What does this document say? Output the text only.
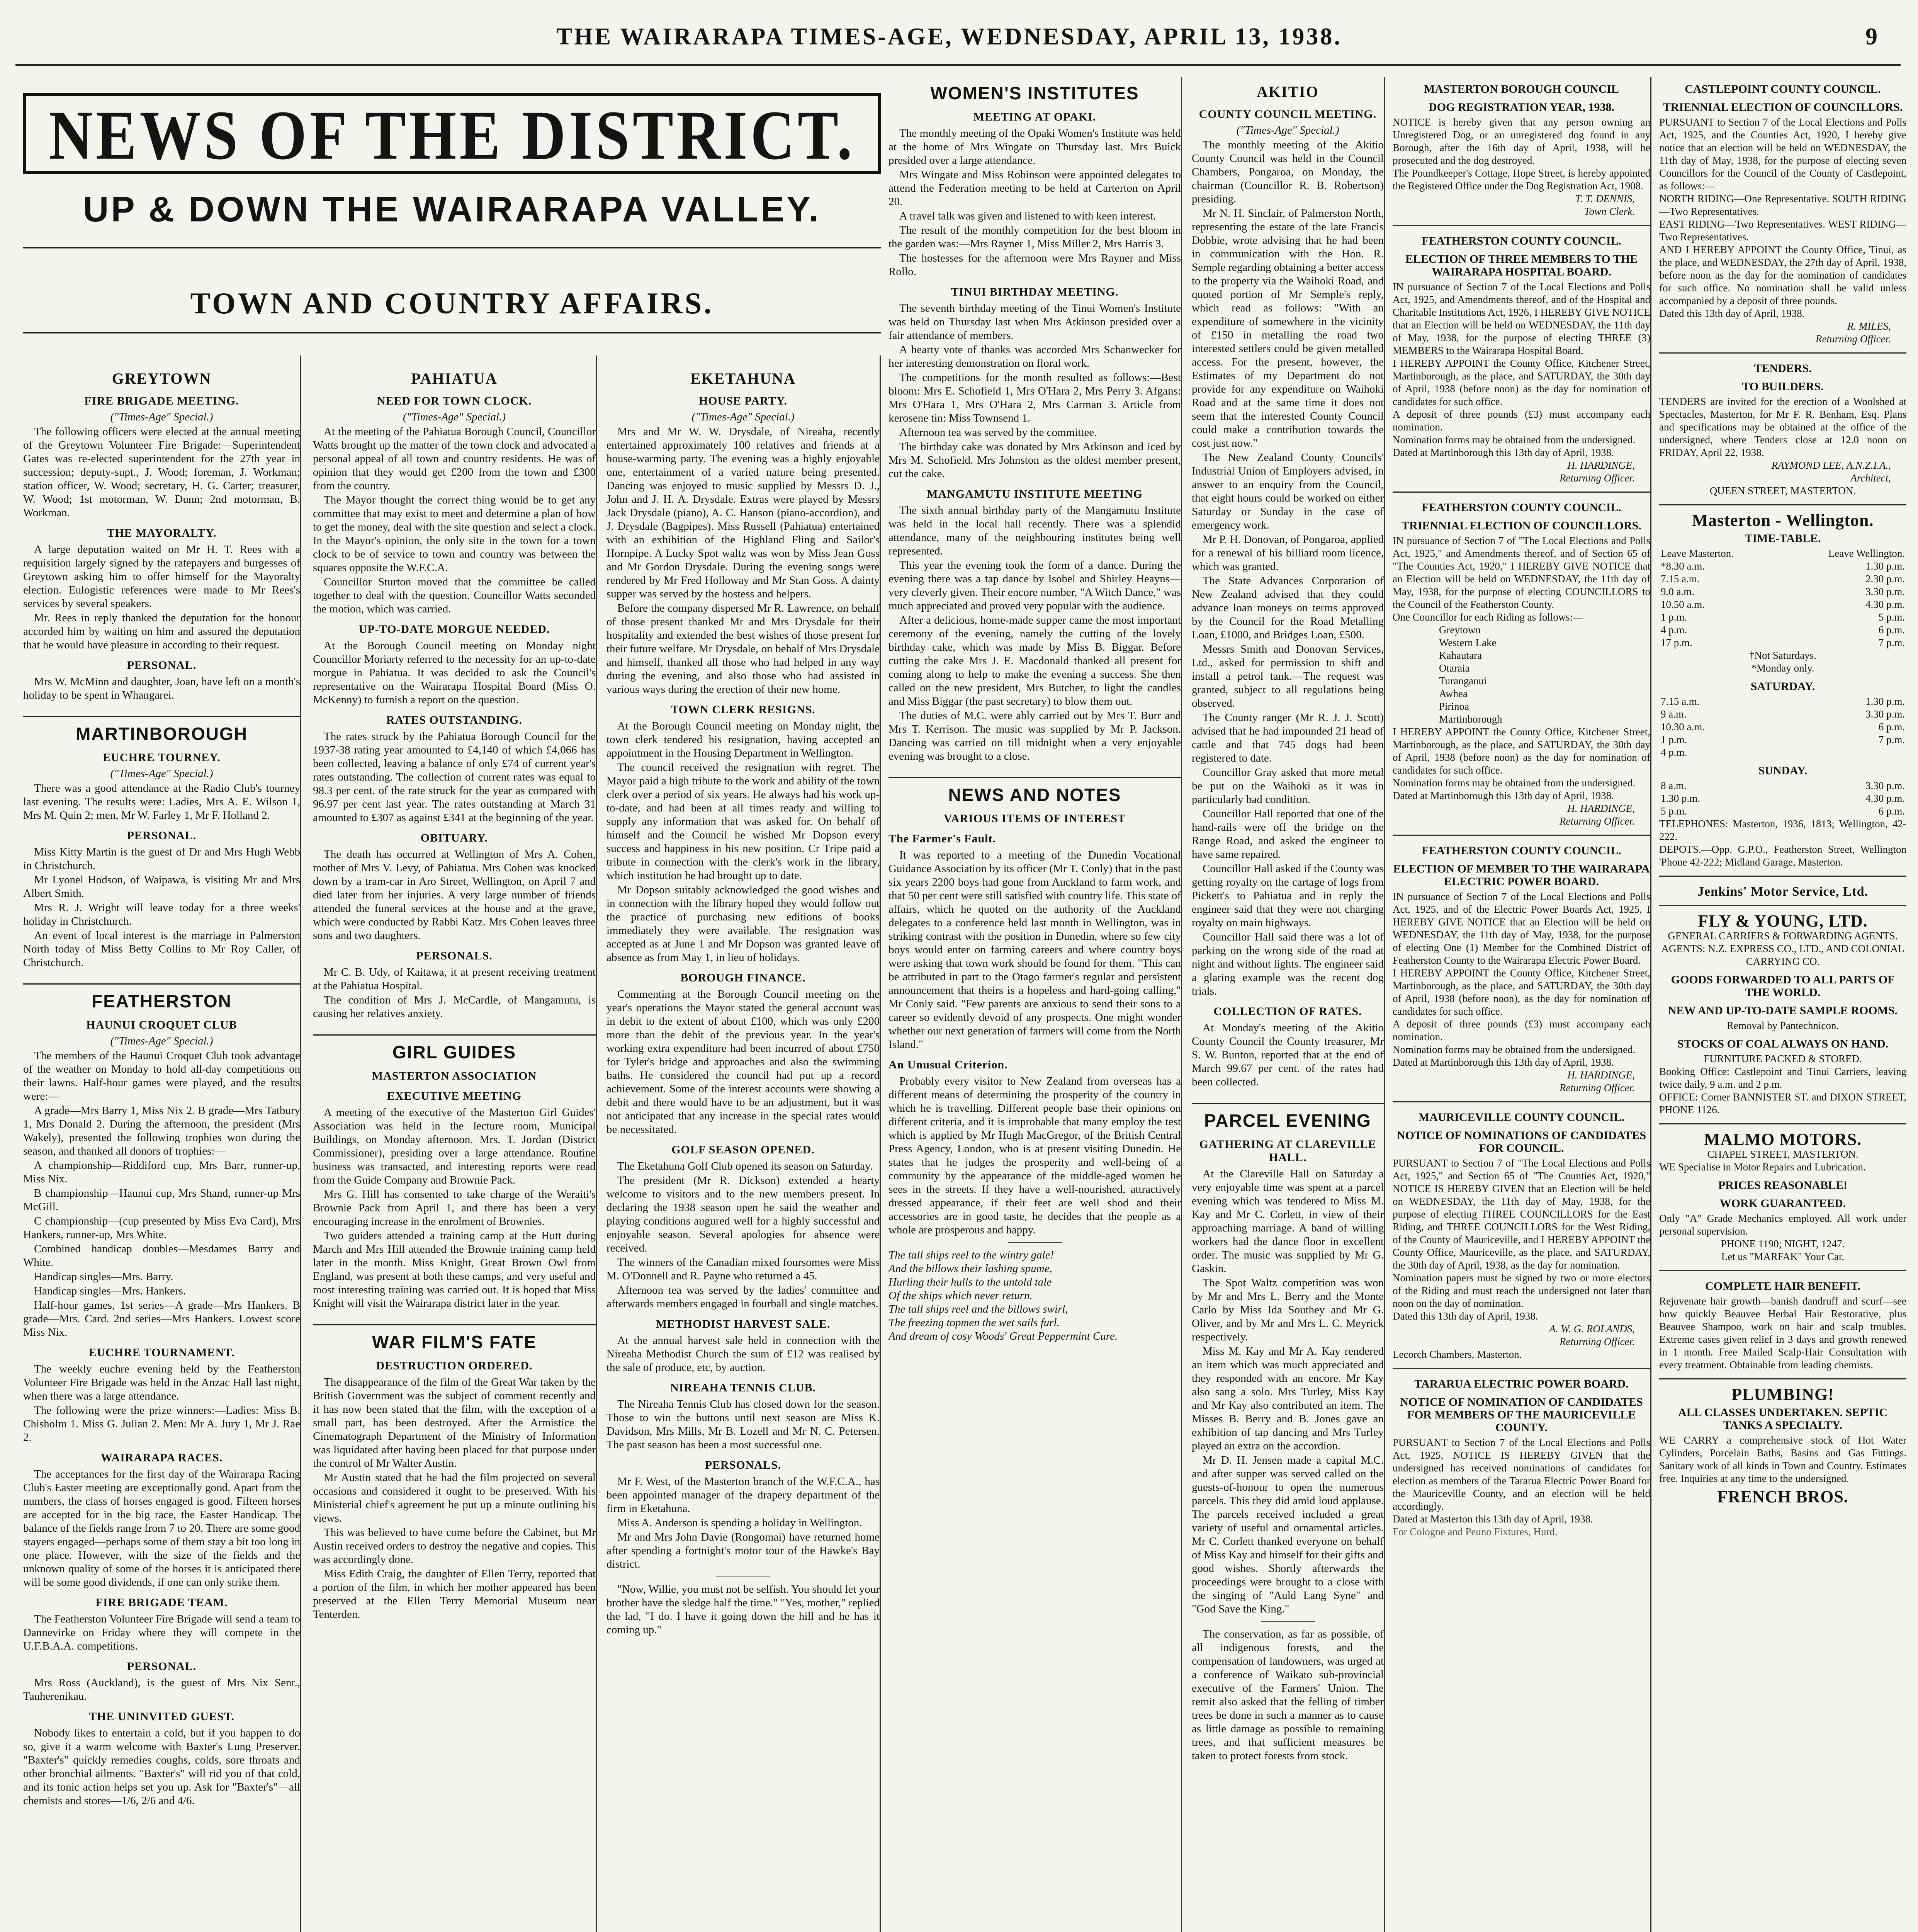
THE WAIRARAPA TIMES-AGE, WEDNESDAY, APRIL 13, 1938.	9
NEWS OF THE DISTRICT.
UP & DOWN THE WAIRARAPA VALLEY.
TOWN AND COUNTRY AFFAIRS.
GREYTOWN
FIRE BRIGADE MEETING.
("Times-Age" Special.)

The following officers were elected at the annual meeting of the Greytown Volunteer Fire Brigade:—Superintendent Gates was re-elected superintendent for the 27th year in succession; deputy-supt., J. Wood; foreman, J. Workman; station officer, W. Wood; secretary, H. G. Carter; treasurer, W. Wood; 1st motorman, W. Dunn; 2nd motorman, B. Workman.

THE MAYORALTY.

A large deputation waited on Mr H. T. Rees with a requisition largely signed by the ratepayers and burgesses of Greytown asking him to offer himself for the Mayoralty election. Eulogistic references were made to Mr Rees's services by several speakers.

Mr. Rees in reply thanked the deputation for the honour accorded him by waiting on him and assured the deputation that he would have pleasure in according to their request.

PERSONAL.

Mrs W. McMinn and daughter, Joan, have left on a month's holiday to be spent in Whangarei.

MARTINBOROUGH
EUCHRE TOURNEY.
("Times-Age" Special.)

There was a good attendance at the Radio Club's tourney last evening. The results were: Ladies, Mrs A. E. Wilson 1, Mrs M. Quin 2; men, Mr W. Farley 1, Mr F. Holland 2.

PERSONAL.

Miss Kitty Martin is the guest of Dr and Mrs Hugh Webb in Christchurch.

Mr Lyonel Hodson, of Waipawa, is visiting Mr and Mrs Albert Smith.

Mrs R. J. Wright will leave today for a three weeks' holiday in Christchurch.

An event of local interest is the marriage in Palmerston North today of Miss Betty Collins to Mr Roy Caller, of Christchurch.

FEATHERSTON
HAUNUI CROQUET CLUB
("Times-Age" Special.)

The members of the Haunui Croquet Club took advantage of the weather on Monday to hold all-day competitions on their lawns. Half-hour games were played, and the results were:—

A grade—Mrs Barry 1, Miss Nix 2. B grade—Mrs Tatbury 1, Mrs Donald 2. During the afternoon, the president (Mrs Wakely), presented the following trophies won during the season, and thanked all donors of trophies:—

A championship—Riddiford cup, Mrs Barr, runner-up, Miss Nix.

B championship—Haunui cup, Mrs Shand, runner-up Mrs McGill.

C championship—(cup presented by Miss Eva Card), Mrs Hankers, runner-up, Mrs White.

Combined handicap doubles—Mesdames Barry and White.

Handicap singles—Mrs. Barry.

Handicap singles—Mrs. Hankers.

Half-hour games, 1st series—A grade—Mrs Hankers. B grade—Mrs. Card. 2nd series—Mrs Hankers. Lowest score Miss Nix.

EUCHRE TOURNAMENT.

The weekly euchre evening held by the Featherston Volunteer Fire Brigade was held in the Anzac Hall last night, when there was a large attendance.

The following were the prize winners:—Ladies: Miss B. Chisholm 1. Miss G. Julian 2. Men: Mr A. Jury 1, Mr J. Rae 2.

WAIRARAPA RACES.

The acceptances for the first day of the Wairarapa Racing Club's Easter meeting are exceptionally good. Apart from the numbers, the class of horses engaged is good. Fifteen horses are accepted for in the big race, the Easter Handicap. The balance of the fields range from 7 to 20. There are some good stayers engaged—perhaps some of them stay a bit too long in one place. However, with the size of the fields and the unknown quality of some of the horses it is anticipated there will be some good dividends, if one can only strike them.

FIRE BRIGADE TEAM.

The Featherston Volunteer Fire Brigade will send a team to Dannevirke on Friday where they will compete in the U.F.B.A.A. competitions.

PERSONAL.

Mrs Ross (Auckland), is the guest of Mrs Nix Senr., Tauherenikau.

THE UNINVITED GUEST.

Nobody likes to entertain a cold, but if you happen to do so, give it a warm welcome with Baxter's Lung Preserver. "Baxter's" quickly remedies coughs, colds, sore throats and other bronchial ailments. "Baxter's" will rid you of that cold, and its tonic action helps set you up. Ask for "Baxter's"—all chemists and stores—1/6, 2/6 and 4/6.

PAHIATUA
NEED FOR TOWN CLOCK.
("Times-Age" Special.)

At the meeting of the Pahiatua Borough Council, Councillor Watts brought up the matter of the town clock and advocated a personal appeal of all town and country residents. He was of opinion that they would get £200 from the town and £300 from the country.

The Mayor thought the correct thing would be to get any committee that may exist to meet and determine a plan of how to get the money, deal with the site question and select a clock. In the Mayor's opinion, the only site in the town for a town clock to be of service to town and country was between the squares opposite the W.F.C.A.

Councillor Sturton moved that the committee be called together to deal with the question. Councillor Watts seconded the motion, which was carried.

UP-TO-DATE MORGUE NEEDED.

At the Borough Council meeting on Monday night Councillor Moriarty referred to the necessity for an up-to-date morgue in Pahiatua. It was decided to ask the Council's representative on the Wairarapa Hospital Board (Miss O. McKenny) to furnish a report on the question.

RATES OUTSTANDING.

The rates struck by the Pahiatua Borough Council for the 1937-38 rating year amounted to £4,140 of which £4,066 has been collected, leaving a balance of only £74 of current year's rates outstanding. The collection of current rates was equal to 98.3 per cent. of the rate struck for the year as compared with 96.97 per cent last year. The rates outstanding at March 31 amounted to £307 as against £341 at the beginning of the year.

OBITUARY.

The death has occurred at Wellington of Mrs A. Cohen, mother of Mrs V. Levy, of Pahiatua. Mrs Cohen was knocked down by a tram-car in Aro Street, Wellington, on April 7 and died later from her injuries. A very large number of friends attended the funeral services at the house and at the grave, which were conducted by Rabbi Katz. Mrs Cohen leaves three sons and two daughters.

PERSONALS.

Mr C. B. Udy, of Kaitawa, it at present receiving treatment at the Pahiatua Hospital.

The condition of Mrs J. McCardle, of Mangamutu, is causing her relatives anxiety.

GIRL GUIDES
MASTERTON ASSOCIATION
EXECUTIVE MEETING

A meeting of the executive of the Masterton Girl Guides' Association was held in the lecture room, Municipal Buildings, on Monday afternoon. Mrs. T. Jordan (District Commissioner), presiding over a large attendance. Routine business was transacted, and interesting reports were read from the Guide Company and Brownie Pack.

Mrs G. Hill has consented to take charge of the Weraiti's Brownie Pack from April 1, and there has been a very encouraging increase in the enrolment of Brownies.

Two guiders attended a training camp at the Hutt during March and Mrs Hill attended the Brownie training camp held later in the month. Miss Knight, Great Brown Owl from England, was present at both these camps, and very useful and most interesting training was carried out. It is hoped that Miss Knight will visit the Wairarapa district later in the year.

WAR FILM'S FATE
DESTRUCTION ORDERED.

The disappearance of the film of the Great War taken by the British Government was the subject of comment recently and it has now been stated that the film, with the exception of a small part, has been destroyed. After the Armistice the Cinematograph Department of the Ministry of Information was liquidated after having been placed for that purpose under the control of Mr Walter Austin.

Mr Austin stated that he had the film projected on several occasions and considered it ought to be preserved. With his Ministerial chief's agreement he put up a minute outlining his views.

This was believed to have come before the Cabinet, but Mr Austin received orders to destroy the negative and copies. This was accordingly done.

Miss Edith Craig, the daughter of Ellen Terry, reported that a portion of the film, in which her mother appeared has been preserved at the Ellen Terry Memorial Museum near Tenterden.

EKETAHUNA
HOUSE PARTY.
("Times-Age" Special.)

Mrs and Mr W. W. Drysdale, of Nireaha, recently entertained approximately 100 relatives and friends at a house-warming party. The evening was a highly enjoyable one, entertainment of a varied nature being presented. Dancing was enjoyed to music supplied by Messrs D. J., John and J. H. A. Drysdale. Extras were played by Messrs Jack Drysdale (piano), A. C. Hanson (piano-accordion), and J. Drysdale (Bagpipes). Miss Russell (Pahiatua) entertained with an exhibition of the Highland Fling and Sailor's Hornpipe. A Lucky Spot waltz was won by Miss Jean Goss and Mr Gordon Drysdale. During the evening songs were rendered by Mr Fred Holloway and Mr Stan Goss. A dainty supper was served by the hostess and helpers.

Before the company dispersed Mr R. Lawrence, on behalf of those present thanked Mr and Mrs Drysdale for their hospitality and extended the best wishes of those present for their future welfare. Mr Drysdale, on behalf of Mrs Drysdale and himself, thanked all those who had helped in any way during the evening, and also those who had assisted in various ways during the erection of their new home.

TOWN CLERK RESIGNS.

At the Borough Council meeting on Monday night, the town clerk tendered his resignation, having accepted an appointment in the Housing Department in Wellington.

The council received the resignation with regret. The Mayor paid a high tribute to the work and ability of the town clerk over a period of six years. He always had his work up-to-date, and had been at all times ready and willing to supply any information that was asked for. On behalf of himself and the Council he wished Mr Dopson every success and happiness in his new position. Cr Tripe paid a tribute in connection with the clerk's work in the library, which institution he had brought up to date.

Mr Dopson suitably acknowledged the good wishes and in connection with the library hoped they would follow out the practice of purchasing new editions of books immediately they were available. The resignation was accepted as at June 1 and Mr Dopson was granted leave of absence as from May 1, in lieu of holidays.

BOROUGH FINANCE.

Commenting at the Borough Council meeting on the year's operations the Mayor stated the general account was in debit to the extent of about £100, which was only £200 more than the debit of the previous year. In the year's working extra expenditure had been incurred of about £750 for Tyler's bridge and approaches and also the swimming baths. He considered the council had put up a record achievement. Some of the interest accounts were showing a debit and there would have to be an adjustment, but it was not anticipated that any increase in the special rates would be necessitated.

GOLF SEASON OPENED.

The Eketahuna Golf Club opened its season on Saturday.

The president (Mr R. Dickson) extended a hearty welcome to visitors and to the new members present. In declaring the 1938 season open he said the weather and playing conditions augured well for a highly successful and enjoyable season. Several apologies for absence were received.

The winners of the Canadian mixed foursomes were Miss M. O'Donnell and R. Payne who returned a 45.

Afternoon tea was served by the ladies' committee and afterwards members engaged in fourball and single matches.

METHODIST HARVEST SALE.

At the annual harvest sale held in connection with the Nireaha Methodist Church the sum of £12 was realised by the sale of produce, etc, by auction.

NIREAHA TENNIS CLUB.

The Nireaha Tennis Club has closed down for the season. Those to win the buttons until next season are Miss K. Davidson, Mrs Mills, Mr B. Lozell and Mr N. C. Petersen. The past season has been a most successful one.

PERSONALS.

Mr F. West, of the Masterton branch of the W.F.C.A., has been appointed manager of the drapery department of the firm in Eketahuna.

Miss A. Anderson is spending a holiday in Wellington.

Mr and Mrs John Davie (Rongomai) have returned home after spending a fortnight's motor tour of the Hawke's Bay district.

"Now, Willie, you must not be selfish. You should let your brother have the sledge half the time." "Yes, mother," replied the lad, "I do. I have it going down the hill and he has it coming up."

WOMEN'S INSTITUTES
MEETING AT OPAKI.

The monthly meeting of the Opaki Women's Institute was held at the home of Mrs Wingate on Thursday last. Mrs Buick presided over a large attendance.

Mrs Wingate and Miss Robinson were appointed delegates to attend the Federation meeting to be held at Carterton on April 20.

A travel talk was given and listened to with keen interest.

The result of the monthly competition for the best bloom in the garden was:—Mrs Rayner 1, Miss Miller 2, Mrs Harris 3.

The hostesses for the afternoon were Mrs Rayner and Miss Rollo.

TINUI BIRTHDAY MEETING.

The seventh birthday meeting of the Tinui Women's Institute was held on Thursday last when Mrs Atkinson presided over a fair attendance of members.

A hearty vote of thanks was accorded Mrs Schanwecker for her interesting demonstration on floral work.

The competitions for the month resulted as follows:—Best bloom: Mrs E. Schofield 1, Mrs O'Hara 2, Mrs Perry 3. Afgans: Mrs O'Hara 1, Mrs O'Hara 2, Mrs Carman 3. Article from kerosene tin: Miss Townsend 1.

Afternoon tea was served by the committee.

The birthday cake was donated by Mrs Atkinson and iced by Mrs M. Schofield. Mrs Johnston as the oldest member present, cut the cake.

MANGAMUTU INSTITUTE MEETING

The sixth annual birthday party of the Mangamutu Institute was held in the local hall recently. There was a splendid attendance, many of the neighbouring institutes being well represented.

This year the evening took the form of a dance. During the evening there was a tap dance by Isobel and Shirley Heayns—very cleverly given. Their encore number, "A Witch Dance," was much appreciated and proved very popular with the audience.

After a delicious, home-made supper came the most important ceremony of the evening, namely the cutting of the lovely birthday cake, which was made by Miss B. Biggar. Before cutting the cake Mrs J. E. Macdonald thanked all present for coming along to help to make the evening a success. She then called on the new president, Mrs Butcher, to light the candles and Miss Biggar (the past secretary) to blow them out.

The duties of M.C. were ably carried out by Mrs T. Burr and Mrs T. Kerrison. The music was supplied by Mr P. Jackson. Dancing was carried on till midnight when a very enjoyable evening was brought to a close.

NEWS AND NOTES
VARIOUS ITEMS OF INTEREST
The Farmer's Fault.

It was reported to a meeting of the Dunedin Vocational Guidance Association by its officer (Mr T. Conly) that in the past six years 2200 boys had gone from Auckland to farm work, and that 50 per cent were still satisfied with country life. This state of affairs, which he quoted on the authority of the Auckland delegates to a conference held last month in Wellington, was in striking contrast with the position in Dunedin, where so few city boys would enter on farming careers and where country boys were asking that town work should be found for them. "This can be attributed in part to the Otago farmer's regular and persistent announcement that theirs is a hopeless and hard-going calling," Mr Conly said. "Few parents are anxious to send their sons to a career so evidently devoid of any prospects. One might wonder whether our next generation of farmers will come from the North Island."

An Unusual Criterion.

Probably every visitor to New Zealand from overseas has a different means of determining the prosperity of the country in which he is travelling. Different people base their opinions on different criteria, and it is improbable that many employ the test which is applied by Mr Hugh MacGregor, of the British Central Press Agency, London, who is at present visiting Dunedin. He states that he judges the prosperity and well-being of a community by the appearance of the middle-aged women he sees in the streets. If they have a well-nourished, attractively dressed appearance, if their feet are well shod and their accessories are in good taste, he decides that the people as a whole are prosperous and happy.

The tall ships reel to the wintry gale!
And the billows their lashing spume,
Hurling their hulls to the untold tale
Of the ships which never return.
The tall ships reel and the billows swirl,
The freezing topmen the wet sails furl.
And dream of cosy Woods' Great Peppermint Cure.
AKITIO
COUNTY COUNCIL MEETING.
("Times-Age" Special.)

The monthly meeting of the Akitio County Council was held in the Council Chambers, Pongaroa, on Monday, the chairman (Councillor R. B. Robertson) presiding.

Mr N. H. Sinclair, of Palmerston North, representing the estate of the late Francis Dobbie, wrote advising that he had been in communication with the Hon. R. Semple regarding obtaining a better access to the property via the Waihoki Road, and quoted portion of Mr Semple's reply, which read as follows: "With an expenditure of somewhere in the vicinity of £150 in metalling the road two interested settlers could be given metalled access. For the present, however, the Estimates of my Department do not provide for any expenditure on Waihoki Road and at the same time it does not seem that the interested County Council could make a contribution towards the cost just now."

The New Zealand County Councils' Industrial Union of Employers advised, in answer to an enquiry from the Council, that eight hours could be worked on either Saturday or Sunday in the case of emergency work.

Mr P. H. Donovan, of Pongaroa, applied for a renewal of his billiard room licence, which was granted.

The State Advances Corporation of New Zealand advised that they could advance loan moneys on terms approved by the Council for the Road Metalling Loan, £1000, and Bridges Loan, £500.

Messrs Smith and Donovan Services, Ltd., asked for permission to shift and install a petrol tank.—The request was granted, subject to all regulations being observed.

The County ranger (Mr R. J. J. Scott) advised that he had impounded 21 head of cattle and that 745 dogs had been registered to date.

Councillor Gray asked that more metal be put on the Waihoki as it was in particularly bad condition.

Councillor Hall reported that one of the hand-rails were off the bridge on the Range Road, and asked the engineer to have same repaired.

Councillor Hall asked if the County was getting royalty on the cartage of logs from Pickett's to Pahiatua and in reply the engineer said that they were not charging royalty on main highways.

Councillor Hall said there was a lot of parking on the wrong side of the road at night and without lights. The engineer said a glaring example was the recent dog trials.

COLLECTION OF RATES.

At Monday's meeting of the Akitio County Council the County treasurer, Mr S. W. Bunton, reported that at the end of March 99.67 per cent. of the rates had been collected.

PARCEL EVENING
GATHERING AT CLAREVILLE HALL.

At the Clareville Hall on Saturday a very enjoyable time was spent at a parcel evening which was tendered to Miss M. Kay and Mr C. Corlett, in view of their approaching marriage. A band of willing workers had the dance floor in excellent order. The music was supplied by Mr G. Gaskin.

The Spot Waltz competition was won by Mr and Mrs L. Berry and the Monte Carlo by Miss Ida Southey and Mr G. Oliver, and by Mr and Mrs L. C. Meyrick respectively.

Miss M. Kay and Mr A. Kay rendered an item which was much appreciated and they responded with an encore. Mr Kay also sang a solo. Mrs Turley, Miss Kay and Mr Kay also contributed an item. The Misses B. Berry and B. Jones gave an exhibition of tap dancing and Mrs Turley played an extra on the accordion.

Mr D. H. Jensen made a capital M.C. and after supper was served called on the guests-of-honour to open the numerous parcels. This they did amid loud applause. The parcels received included a great variety of useful and ornamental articles. Mr C. Corlett thanked everyone on behalf of Miss Kay and himself for their gifts and good wishes. Shortly afterwards the proceedings were brought to a close with the singing of "Auld Lang Syne" and "God Save the King."

The conservation, as far as possible, of all indigenous forests, and the compensation of landowners, was urged at a conference of Waikato sub-provincial executive of the Farmers' Union. The remit also asked that the felling of timber trees be done in such a manner as to cause as little damage as possible to remaining trees, and that sufficient measures be taken to protect forests from stock.

MASTERTON BOROUGH COUNCIL
DOG REGISTRATION YEAR, 1938.

NOTICE is hereby given that any person owning an Unregistered Dog, or an unregistered dog found in any Borough, after the 16th day of April, 1938, will be prosecuted and the dog destroyed.

The Poundkeeper's Cottage, Hope Street, is hereby appointed the Registered Office under the Dog Registration Act, 1908.

T. T. DENNIS,
Town Clerk.
FEATHERSTON COUNTY COUNCIL.
ELECTION OF THREE MEMBERS TO THE WAIRARAPA HOSPITAL BOARD.

IN pursuance of Section 7 of the Local Elections and Polls Act, 1925, and Amendments thereof, and of the Hospital and Charitable Institutions Act, 1926, I HEREBY GIVE NOTICE that an Election will be held on WEDNESDAY, the 11th day of May, 1938, for the purpose of electing THREE (3) MEMBERS to the Wairarapa Hospital Board.

I HEREBY APPOINT the County Office, Kitchener Street, Martinborough, as the place, and SATURDAY, the 30th day of April, 1938 (before noon) as the day for nomination of candidates for such office.

A deposit of three pounds (£3) must accompany each nomination.

Nomination forms may be obtained from the undersigned.

Dated at Martinborough this 13th day of April, 1938.

H. HARDINGE,
Returning Officer.
FEATHERSTON COUNTY COUNCIL.
TRIENNIAL ELECTION OF COUNCILLORS.

IN pursuance of Section 7 of "The Local Elections and Polls Act, 1925," and Amendments thereof, and of Section 65 of "The Counties Act, 1920," I HEREBY GIVE NOTICE that an Election will be held on WEDNESDAY, the 11th day of May, 1938, for the purpose of electing COUNCILLORS to the Council of the Featherston County.

One Councillor for each Riding as follows:—

Greytown
Western Lake
Kahautara
Otaraia
Turanganui
Awhea
Pirinoa
Martinborough

I HEREBY APPOINT the County Office, Kitchener Street, Martinborough, as the place, and SATURDAY, the 30th day of April, 1938 (before noon) as the day for nomination of candidates for such office.

Nomination forms may be obtained from the undersigned.

Dated at Martinborough this 13th day of April, 1938.

H. HARDINGE,
Returning Officer.
FEATHERSTON COUNTY COUNCIL.
ELECTION OF MEMBER TO THE WAIRARAPA ELECTRIC POWER BOARD.

IN pursuance of Section 7 of the Local Elections and Polls Act, 1925, and of the Electric Power Boards Act, 1925, I HEREBY GIVE NOTICE that an Election will be held on WEDNESDAY, the 11th day of May, 1938, for the purpose of electing One (1) Member for the Combined District of Featherston County to the Wairarapa Electric Power Board.

I HEREBY APPOINT the County Office, Kitchener Street, Martinborough, as the place, and SATURDAY, the 30th day of April, 1938 (before noon), as the day for nomination of candidates for such office.

A deposit of three pounds (£3) must accompany each nomination.

Nomination forms may be obtained from the undersigned.

Dated at Martinborough this 13th day of April, 1938.

H. HARDINGE,
Returning Officer.
MAURICEVILLE COUNTY COUNCIL.
NOTICE OF NOMINATIONS OF CANDIDATES FOR COUNCIL.

PURSUANT to Section 7 of "The Local Elections and Polls Act, 1925," and Section 65 of "The Counties Act, 1920," NOTICE IS HEREBY GIVEN that an Election will be held on WEDNESDAY, the 11th day of May, 1938, for the purpose of electing THREE COUNCILLORS for the East Riding, and THREE COUNCILLORS for the West Riding, of the County of Mauriceville, and I HEREBY APPOINT the County Office, Mauriceville, as the place, and SATURDAY, the 30th day of April, 1938, as the day for nomination.

Nomination papers must be signed by two or more electors of the Riding and must reach the undersigned not later than noon on the day of nomination.

Dated this 13th day of April, 1938.

A. W. G. ROLANDS,
Returning Officer.

Lecorch Chambers, Masterton.

TARARUA ELECTRIC POWER BOARD.
NOTICE OF NOMINATION OF CANDIDATES FOR MEMBERS OF THE MAURICEVILLE COUNTY.

PURSUANT to Section 7 of the Local Elections and Polls Act, 1925, NOTICE IS HEREBY GIVEN that the undersigned has received nominations of candidates for election as members of the Tararua Electric Power Board for the Mauriceville County, and an election will be held accordingly.

Dated at Masterton this 13th day of April, 1938.

For Cologne and Peuno Fixtures, Hurd.

CASTLEPOINT COUNTY COUNCIL.
TRIENNIAL ELECTION OF COUNCILLORS.

PURSUANT to Section 7 of the Local Elections and Polls Act, 1925, and the Counties Act, 1920, I hereby give notice that an election will be held on WEDNESDAY, the 11th day of May, 1938, for the purpose of electing seven Councillors for the Council of the County of Castlepoint, as follows:—

NORTH RIDING—One Representative. SOUTH RIDING—Two Representatives.

EAST RIDING—Two Representatives. WEST RIDING—Two Representatives.

AND I HEREBY APPOINT the County Office, Tinui, as the place, and WEDNESDAY, the 27th day of April, 1938, before noon as the day for the nomination of candidates for such office. No nomination shall be valid unless accompanied by a deposit of three pounds.

Dated this 13th day of April, 1938.

R. MILES,
Returning Officer.
TENDERS.
TO BUILDERS.

TENDERS are invited for the erection of a Woolshed at Spectacles, Masterton, for Mr F. R. Benham, Esq. Plans and specifications may be obtained at the office of the undersigned, where Tenders close at 12.0 noon on FRIDAY, April 22, 1938.

RAYMOND LEE, A.N.Z.I.A.,
Architect,
QUEEN STREET, MASTERTON.
Masterton - Wellington.
TIME-TABLE.
Leave Masterton.	Leave Wellington.
*8.30 a.m.	1.30 p.m.
7.15 a.m.	2.30 p.m.
9.0 a.m.	3.30 p.m.
10.50 a.m.	4.30 p.m.
1 p.m.	5 p.m.
4 p.m.	6 p.m.
17 p.m.	7 p.m.
†Not Saturdays.
*Monday only.
SATURDAY.
7.15 a.m.	1.30 p.m.
9 a.m.	3.30 p.m.
10.30 a.m.	6 p.m.
1 p.m.	7 p.m.
4 p.m.	
SUNDAY.
8 a.m.	3.30 p.m.
1.30 p.m.	4.30 p.m.
5 p.m.	6 p.m.

TELEPHONES: Masterton, 1936, 1813; Wellington, 42-222.

DEPOTS.—Opp. G.P.O., Featherston Street, Wellington 'Phone 42-222; Midland Garage, Masterton.

Jenkins' Motor Service, Ltd.
FLY & YOUNG, LTD.
GENERAL CARRIERS & FORWARDING AGENTS.
AGENTS: N.Z. EXPRESS CO., LTD., AND COLONIAL CARRYING CO.
GOODS FORWARDED TO ALL PARTS OF THE WORLD.
NEW AND UP-TO-DATE SAMPLE ROOMS.
Removal by Pantechnicon.
STOCKS OF COAL ALWAYS ON HAND.
FURNITURE PACKED & STORED.

Booking Office: Castlepoint and Tinui Carriers, leaving twice daily, 9 a.m. and 2 p.m.

OFFICE: Corner BANNISTER ST. and DIXON STREET, PHONE 1126.

MALMO MOTORS.
CHAPEL STREET, MASTERTON.

WE Specialise in Motor Repairs and Lubrication.

PRICES REASONABLE!
WORK GUARANTEED.

Only "A" Grade Mechanics employed. All work under personal supervision.

PHONE 1190; NIGHT, 1247.
Let us "MARFAK" Your Car.
COMPLETE HAIR BENEFIT.

Rejuvenate hair growth—banish dandruff and scurf—see how quickly Beauvee Herbal Hair Restorative, plus Beauvee Shampoo, work on hair and scalp troubles. Extreme cases given relief in 3 days and growth renewed in 1 month. Free Mailed Scalp-Hair Consultation with every treatment. Obtainable from leading chemists.

PLUMBING!
ALL CLASSES UNDERTAKEN. SEPTIC TANKS A SPECIALTY.

WE CARRY a comprehensive stock of Hot Water Cylinders, Porcelain Baths, Basins and Gas Fittings. Sanitary work of all kinds in Town and Country. Estimates free. Inquiries at any time to the undersigned.

FRENCH BROS.
